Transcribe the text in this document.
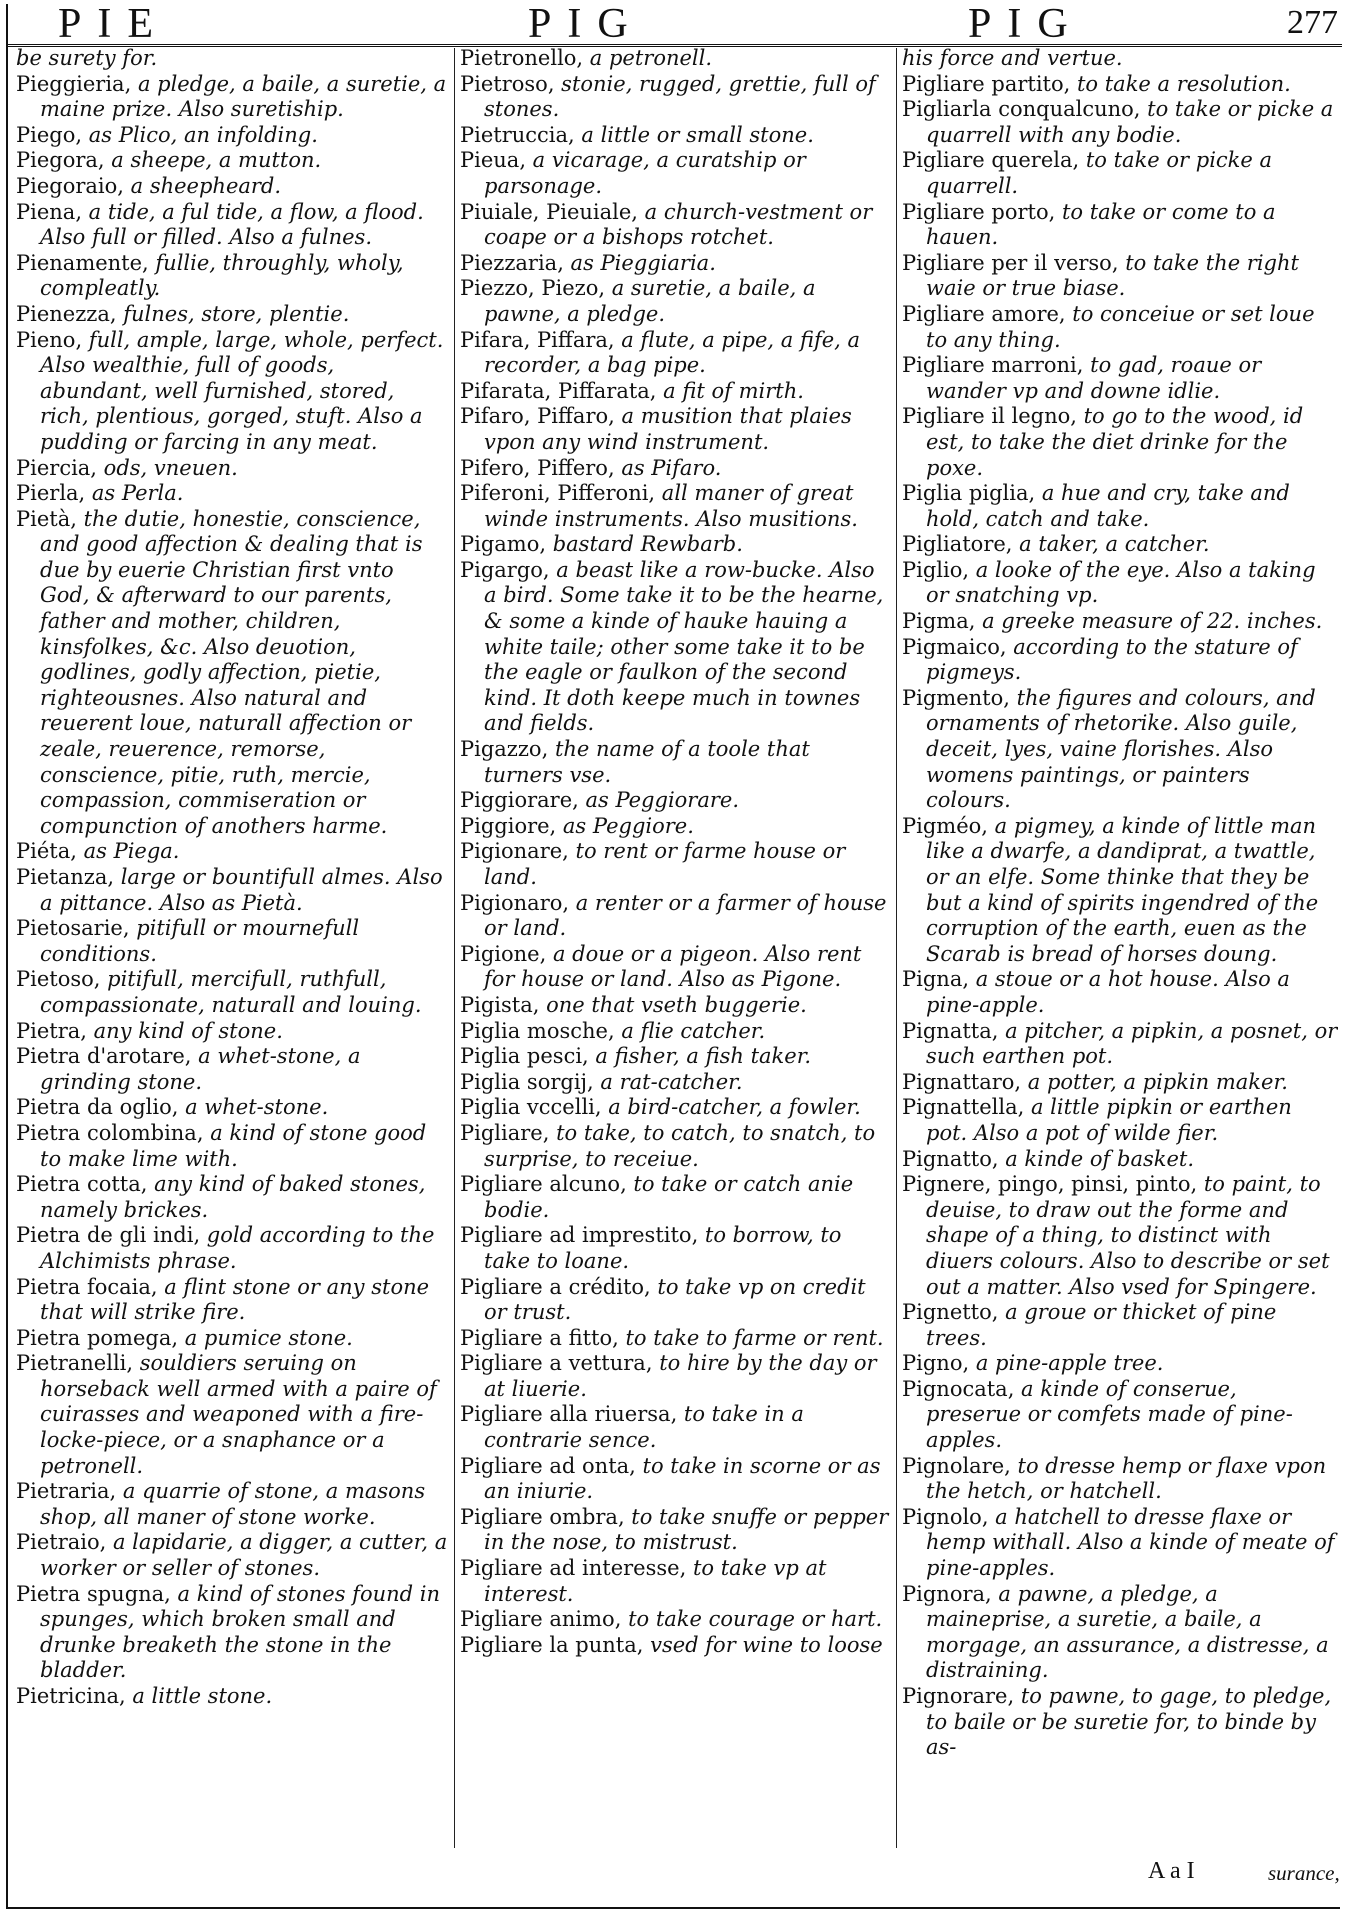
PIE	PIG	PIG	277
be surety for.
Pieggieria, a pledge, a baile, a suretie, a maine prize. Also suretiship.
Piego, as Plico, an infolding.
Piegora, a sheepe, a mutton.
Piegoraio, a sheepheard.
Piena, a tide, a ful tide, a flow, a flood. Also full or filled. Also a fulnes.
Pienamente, fullie, throughly, wholy, compleatly.
Pienezza, fulnes, store, plentie.
Pieno, full, ample, large, whole, perfect. Also wealthie, full of goods, abundant, well furnished, stored, rich, plentious, gorged, stuft. Also a pudding or farcing in any meat.
Piercia, ods, vneuen.
Pierla, as Perla.
Pietà, the dutie, honestie, conscience, and good affection & dealing that is due by euerie Christian first vnto God, & afterward to our parents, father and mother, children, kinsfolkes, &c. Also deuotion, godlines, godly affection, pietie, righteousnes. Also natural and reuerent loue, naturall affection or zeale, reuerence, remorse, conscience, pitie, ruth, mercie, compassion, commiseration or compunction of anothers harme.
Piéta, as Piega.
Pietanza, large or bountifull almes. Also a pittance. Also as Pietà.
Pietosarie, pitifull or mournefull conditions.
Pietoso, pitifull, mercifull, ruthfull, compassionate, naturall and louing.
Pietra, any kind of stone.
Pietra d'arotare, a whet-stone, a grinding stone.
Pietra da oglio, a whet-stone.
Pietra colombina, a kind of stone good to make lime with.
Pietra cotta, any kind of baked stones, namely brickes.
Pietra de gli indi, gold according to the Alchimists phrase.
Pietra focaia, a flint stone or any stone that will strike fire.
Pietra pomega, a pumice stone.
Pietranelli, souldiers seruing on horseback well armed with a paire of cuirasses and weaponed with a fire-locke-piece, or a snaphance or a petronell.
Pietraria, a quarrie of stone, a masons shop, all maner of stone worke.
Pietraio, a lapidarie, a digger, a cutter, a worker or seller of stones.
Pietra spugna, a kind of stones found in spunges, which broken small and drunke breaketh the stone in the bladder.
Pietricina, a little stone.
Pietronello, a petronell.
Pietroso, stonie, rugged, grettie, full of stones.
Pietruccia, a little or small stone.
Pieua, a vicarage, a curatship or parsonage.
Piuiale, Pieuiale, a church-vestment or coape or a bishops rotchet.
Piezzaria, as Pieggiaria.
Piezzo, Piezo, a suretie, a baile, a pawne, a pledge.
Pifara, Piffara, a flute, a pipe, a fife, a recorder, a bag pipe.
Pifarata, Piffarata, a fit of mirth.
Pifaro, Piffaro, a musition that plaies vpon any wind instrument.
Pifero, Piffero, as Pifaro.
Piferoni, Pifferoni, all maner of great winde instruments. Also musitions.
Pigamo, bastard Rewbarb.
Pigargo, a beast like a row-bucke. Also a bird. Some take it to be the hearne, & some a kinde of hauke hauing a white taile; other some take it to be the eagle or faulkon of the second kind. It doth keepe much in townes and fields.
Pigazzo, the name of a toole that turners vse.
Piggiorare, as Peggiorare.
Piggiore, as Peggiore.
Pigionare, to rent or farme house or land.
Pigionaro, a renter or a farmer of house or land.
Pigione, a doue or a pigeon. Also rent for house or land. Also as Pigone.
Pigista, one that vseth buggerie.
Piglia mosche, a flie catcher.
Piglia pesci, a fisher, a fish taker.
Piglia sorgij, a rat-catcher.
Piglia vccelli, a bird-catcher, a fowler.
Pigliare, to take, to catch, to snatch, to surprise, to receiue.
Pigliare alcuno, to take or catch anie bodie.
Pigliare ad imprestito, to borrow, to take to loane.
Pigliare a crédito, to take vp on credit or trust.
Pigliare a fitto, to take to farme or rent.
Pigliare a vettura, to hire by the day or at liuerie.
Pigliare alla riuersa, to take in a contrarie sence.
Pigliare ad onta, to take in scorne or as an iniurie.
Pigliare ombra, to take snuffe or pepper in the nose, to mistrust.
Pigliare ad interesse, to take vp at interest.
Pigliare animo, to take courage or hart.
Pigliare la punta, vsed for wine to loose
his force and vertue.
Pigliare partito, to take a resolution.
Pigliarla conqualcuno, to take or picke a quarrell with any bodie.
Pigliare querela, to take or picke a quarrell.
Pigliare porto, to take or come to a hauen.
Pigliare per il verso, to take the right waie or true biase.
Pigliare amore, to conceiue or set loue to any thing.
Pigliare marroni, to gad, roaue or wander vp and downe idlie.
Pigliare il legno, to go to the wood, id est, to take the diet drinke for the poxe.
Piglia piglia, a hue and cry, take and hold, catch and take.
Pigliatore, a taker, a catcher.
Piglio, a looke of the eye. Also a taking or snatching vp.
Pigma, a greeke measure of 22. inches.
Pigmaico, according to the stature of pigmeys.
Pigmento, the figures and colours, and ornaments of rhetorike. Also guile, deceit, lyes, vaine florishes. Also womens paintings, or painters colours.
Pigméo, a pigmey, a kinde of little man like a dwarfe, a dandiprat, a twattle, or an elfe. Some thinke that they be but a kind of spirits ingendred of the corruption of the earth, euen as the Scarab is bread of horses doung.
Pigna, a stoue or a hot house. Also a pine-apple.
Pignatta, a pitcher, a pipkin, a posnet, or such earthen pot.
Pignattaro, a potter, a pipkin maker.
Pignattella, a little pipkin or earthen pot. Also a pot of wilde fier.
Pignatto, a kinde of basket.
Pignere, pingo, pinsi, pinto, to paint, to deuise, to draw out the forme and shape of a thing, to distinct with diuers colours. Also to describe or set out a matter. Also vsed for Spingere.
Pignetto, a groue or thicket of pine trees.
Pigno, a pine-apple tree.
Pignocata, a kinde of conserue, preserue or comfets made of pine-apples.
Pignolare, to dresse hemp or flaxe vpon the hetch, or hatchell.
Pignolo, a hatchell to dresse flaxe or hemp withall. Also a kinde of meate of pine-apples.
Pignora, a pawne, a pledge, a maineprise, a suretie, a baile, a morgage, an assurance, a distresse, a distraining.
Pignorare, to pawne, to gage, to pledge, to baile or be suretie for, to binde by as-
A a I	surance,
